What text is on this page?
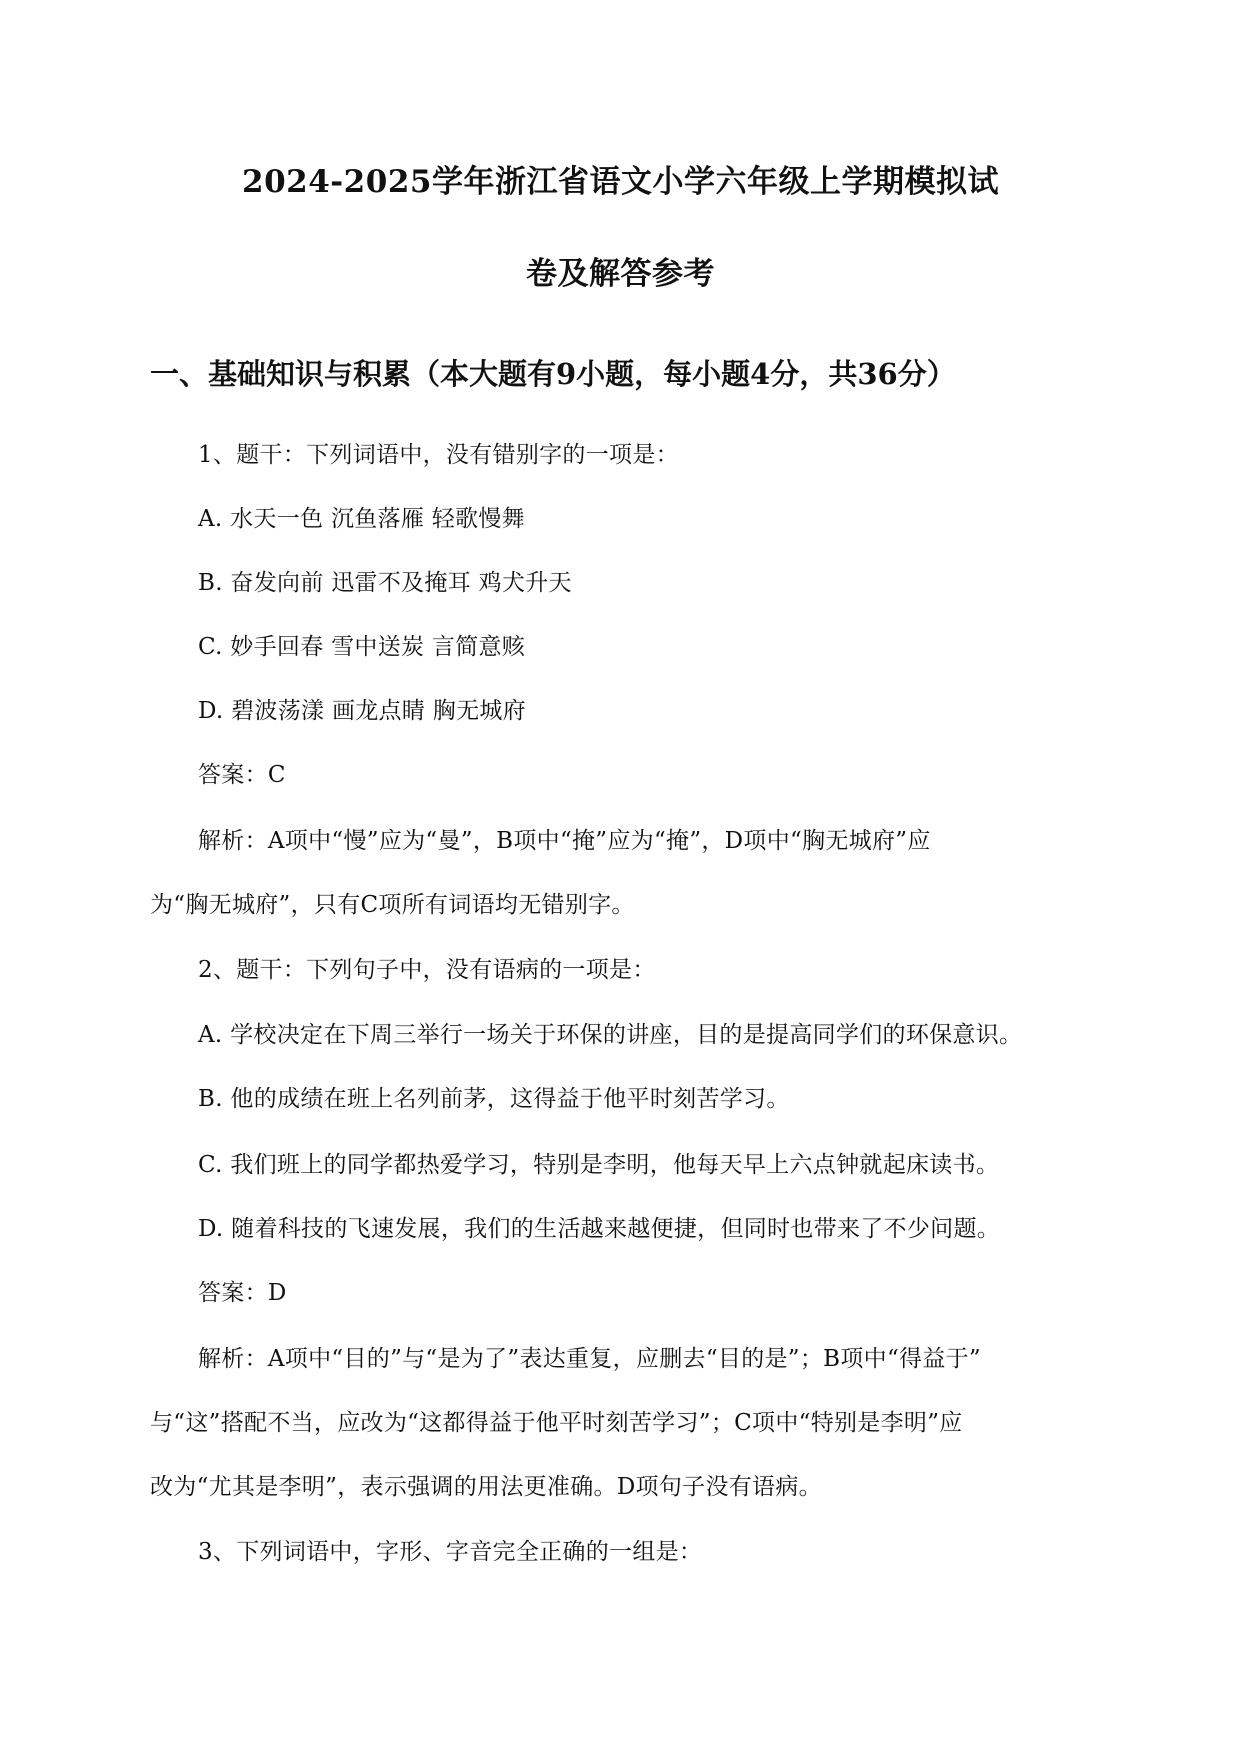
2024-2025学年浙江省语文小学六年级上学期模拟试
卷及解答参考
一、基础知识与积累（本大题有9小题，每小题4分，共36分）
1、题干：下列词语中，没有错别字的一项是：
A. 水天一色 沉鱼落雁 轻歌慢舞
B. 奋发向前 迅雷不及掩耳 鸡犬升天
C. 妙手回春 雪中送炭 言简意赅
D. 碧波荡漾 画龙点睛 胸无城府
答案：C
解析：A项中“慢”应为“曼”，B项中“掩”应为“掩”，D项中“胸无城府”应
为“胸无城府”，只有C项所有词语均无错别字。
2、题干：下列句子中，没有语病的一项是：
A. 学校决定在下周三举行一场关于环保的讲座，目的是提高同学们的环保意识。
B. 他的成绩在班上名列前茅，这得益于他平时刻苦学习。
C. 我们班上的同学都热爱学习，特别是李明，他每天早上六点钟就起床读书。
D. 随着科技的飞速发展，我们的生活越来越便捷，但同时也带来了不少问题。
答案：D
解析：A项中“目的”与“是为了”表达重复，应删去“目的是”；B项中“得益于”
与“这”搭配不当，应改为“这都得益于他平时刻苦学习”；C项中“特别是李明”应
改为“尤其是李明”，表示强调的用法更准确。D项句子没有语病。
3、下列词语中，字形、字音完全正确的一组是：
